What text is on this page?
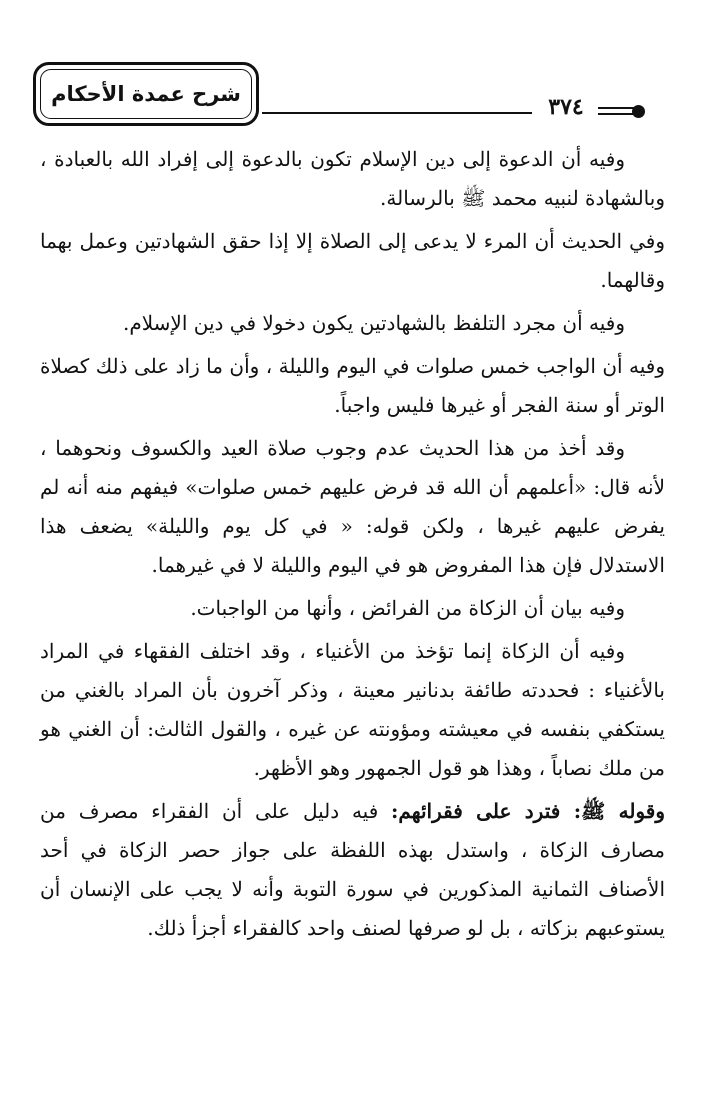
شرح عمدة الأحكام	٣٧٤

وفيه أن الدعوة إلى دين الإسلام تكون بالدعوة إلى إفراد الله بالعبادة ، وبالشهادة لنبيه محمد ﷺ بالرسالة.

وفي الحديث أن المرء لا يدعى إلى الصلاة إلا إذا حقق الشهادتين وعمل بهما وقالهما.

وفيه أن مجرد التلفظ بالشهادتين يكون دخولا في دين الإسلام.

وفيه أن الواجب خمس صلوات في اليوم والليلة ، وأن ما زاد على ذلك كصلاة الوتر أو سنة الفجر أو غيرها فليس واجباً.

وقد أخذ من هذا الحديث عدم وجوب صلاة العيد والكسوف ونحوهما ، لأنه قال: «أعلمهم أن الله قد فرض عليهم خمس صلوات» فيفهم منه أنه لم يفرض عليهم غيرها ، ولكن قوله: « في كل يوم والليلة» يضعف هذا الاستدلال فإن هذا المفروض هو في اليوم والليلة لا في غيرهما.

وفيه بيان أن الزكاة من الفرائض ، وأنها من الواجبات.

وفيه أن الزكاة إنما تؤخذ من الأغنياء ، وقد اختلف الفقهاء في المراد بالأغنياء : فحددته طائفة بدنانير معينة ، وذكر آخرون بأن المراد بالغني من يستكفي بنفسه في معيشته ومؤونته عن غيره ، والقول الثالث: أن الغني هو من ملك نصاباً ، وهذا هو قول الجمهور وهو الأظهر.

وقوله ﷺ: فترد على فقرائهم: فيه دليل على أن الفقراء مصرف من مصارف الزكاة ، واستدل بهذه اللفظة على جواز حصر الزكاة في أحد الأصناف الثمانية المذكورين في سورة التوبة وأنه لا يجب على الإنسان أن يستوعبهم بزكاته ، بل لو صرفها لصنف واحد كالفقراء أجزأ ذلك.
